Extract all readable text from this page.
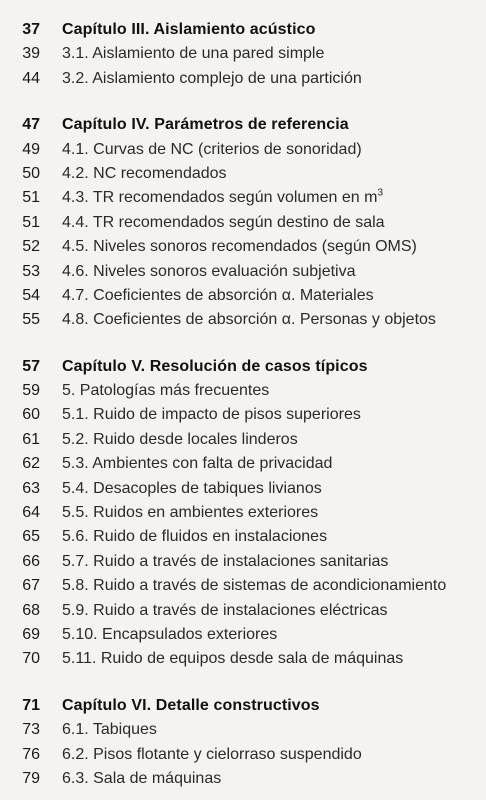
37	Capítulo III. Aislamiento acústico
39	3.1. Aislamiento de una pared simple
44	3.2. Aislamiento complejo de una partición
47	Capítulo IV. Parámetros de referencia
49	4.1. Curvas de NC (criterios de sonoridad)
50	4.2. NC recomendados
51	4.3. TR recomendados según volumen en $m^3$
51	4.4. TR recomendados según destino de sala
52	4.5. Niveles sonoros recomendados (según OMS)
53	4.6. Niveles sonoros evaluación subjetiva
54	4.7. Coeficientes de absorción α. Materiales
55	4.8. Coeficientes de absorción α. Personas y objetos
57	Capítulo V. Resolución de casos típicos
59	5. Patologías más frecuentes
60	5.1. Ruido de impacto de pisos superiores
61	5.2. Ruido desde locales linderos
62	5.3. Ambientes con falta de privacidad
63	5.4. Desacoples de tabiques livianos
64	5.5. Ruidos en ambientes exteriores
65	5.6. Ruido de fluidos en instalaciones
66	5.7. Ruido a través de instalaciones sanitarias
67	5.8. Ruido a través de sistemas de acondicionamiento
68	5.9. Ruido a través de instalaciones eléctricas
69	5.10. Encapsulados exteriores
70	5.11. Ruido de equipos desde sala de máquinas
71	Capítulo VI. Detalle constructivos
73	6.1. Tabiques
76	6.2. Pisos flotante y cielorraso suspendido
79	6.3. Sala de máquinas
